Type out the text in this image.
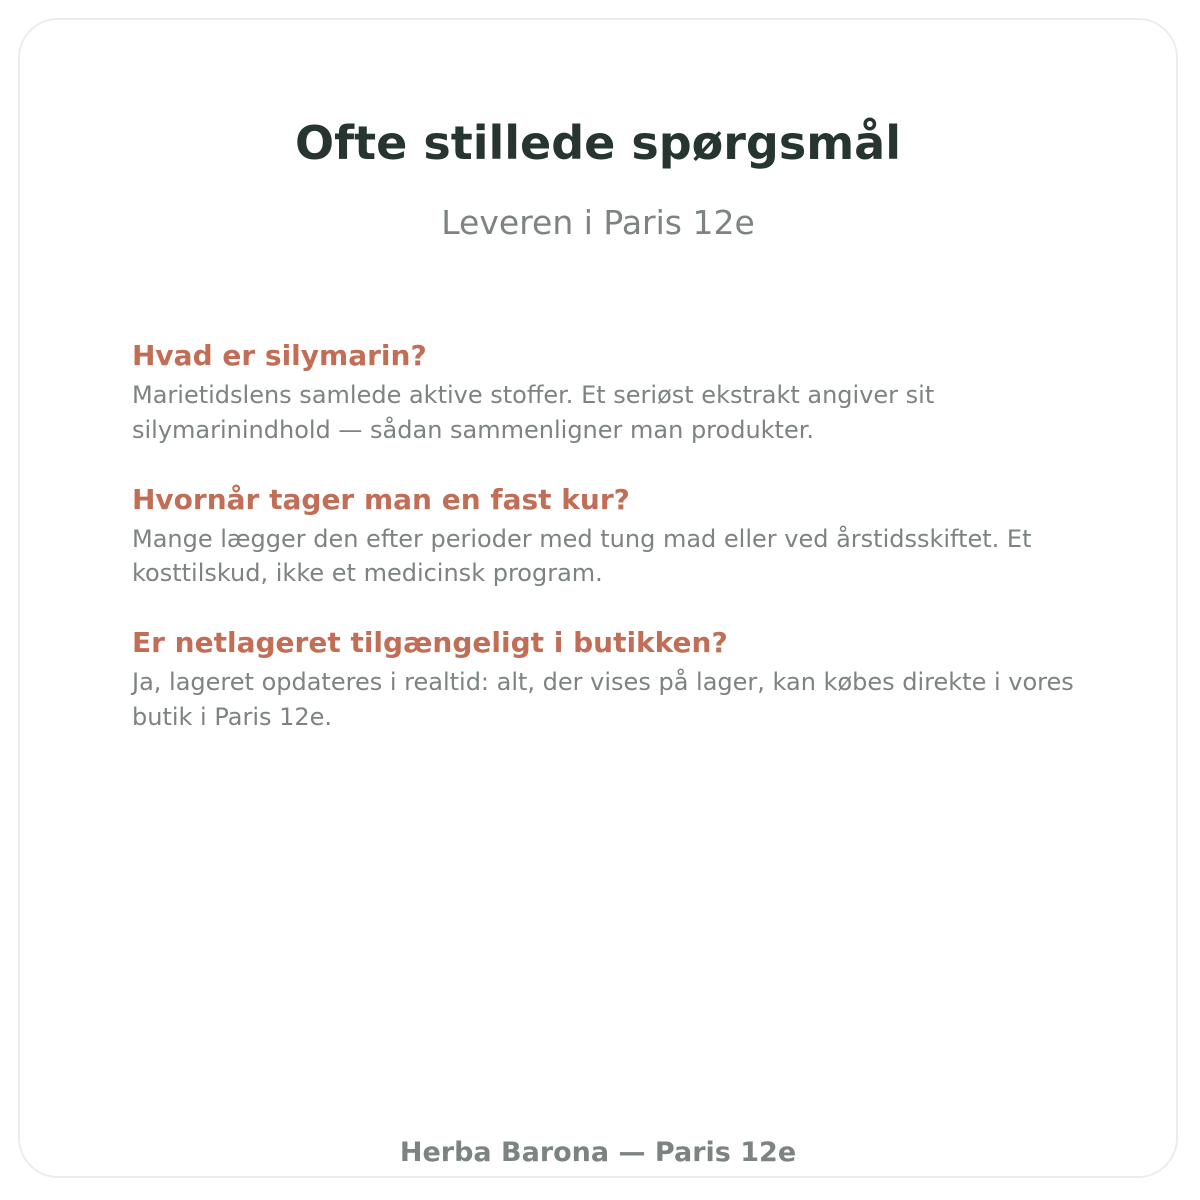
Ofte stillede spørgsmål

Leveren i Paris 12e

Hvad er silymarin?

Marietidslens samlede aktive stoffer. Et seriøst ekstrakt angiver sit silymarinindhold — sådan sammenligner man produkter.

Hvornår tager man en fast kur?

Mange lægger den efter perioder med tung mad eller ved årstidsskiftet. Et kosttilskud, ikke et medicinsk program.

Er netlageret tilgængeligt i butikken?

Ja, lageret opdateres i realtid: alt, der vises på lager, kan købes direkte i vores butik i Paris 12e.

Herba Barona — Paris 12e
